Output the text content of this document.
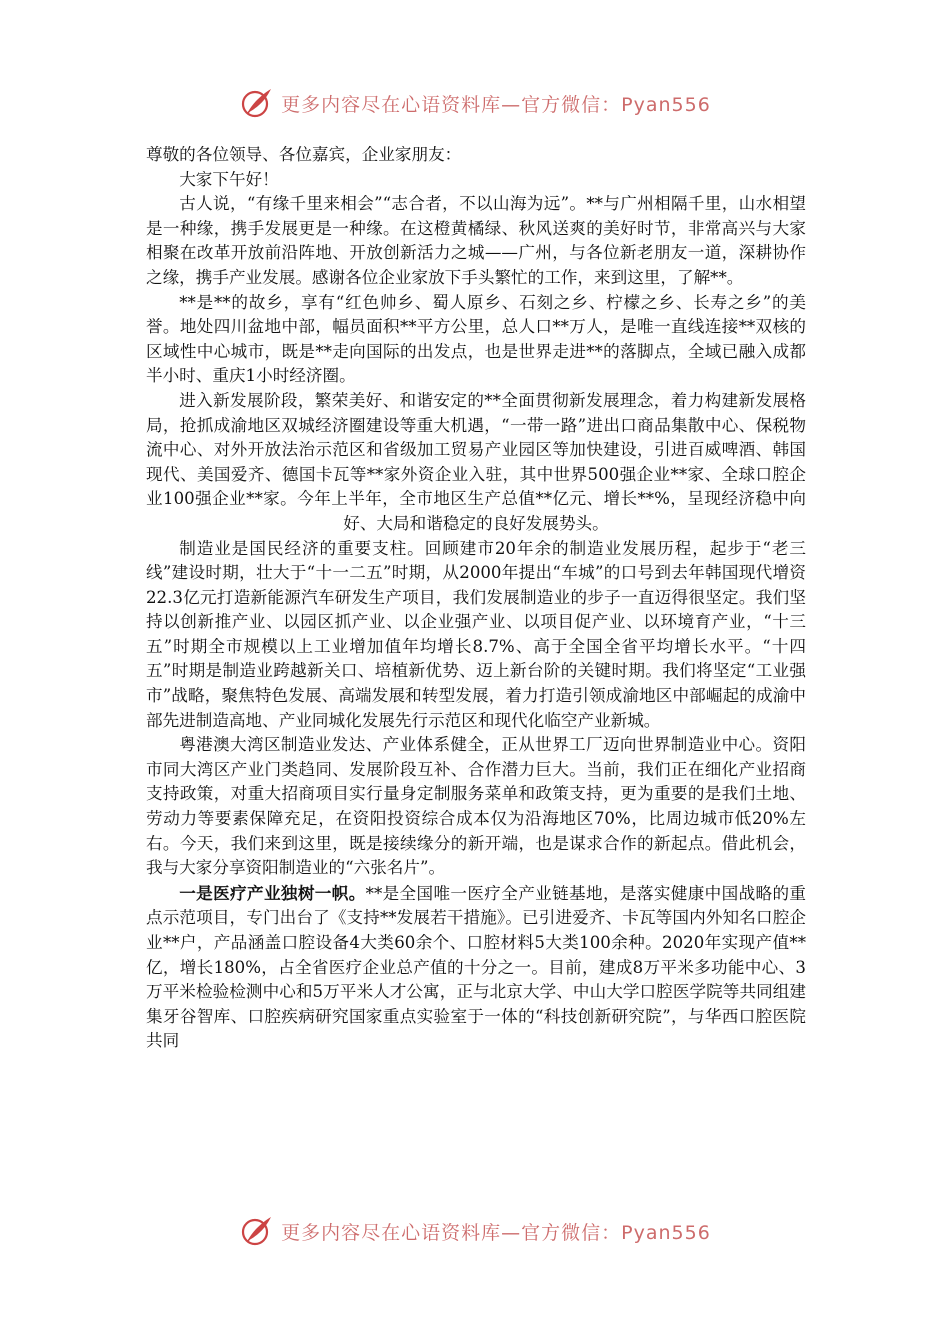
更多内容尽在心语资料库—官方微信：Pyan556

尊敬的各位领导、各位嘉宾，企业家朋友：

大家下午好！

古人说，“有缘千里来相会”“志合者，不以山海为远”。**与广州相隔千里，山水相望是一种缘，携手发展更是一种缘。在这橙黄橘绿、秋风送爽的美好时节，非常高兴与大家相聚在改革开放前沿阵地、开放创新活力之城——广州，与各位新老朋友一道，深耕协作之缘，携手产业发展。感谢各位企业家放下手头繁忙的工作，来到这里，了解**。

**是**的故乡，享有“红色帅乡、蜀人原乡、石刻之乡、柠檬之乡、长寿之乡”的美誉。地处四川盆地中部，幅员面积**平方公里，总人口**万人，是唯一直线连接**双核的区域性中心城市，既是**走向国际的出发点，也是世界走进**的落脚点，全域已融入成都半小时、重庆1小时经济圈。

进入新发展阶段，繁荣美好、和谐安定的**全面贯彻新发展理念，着力构建新发展格局，抢抓成渝地区双城经济圈建设等重大机遇，“一带一路”进出口商品集散中心、保税物流中心、对外开放法治示范区和省级加工贸易产业园区等加快建设，引进百威啤酒、韩国现代、美国爱齐、德国卡瓦等**家外资企业入驻，其中世界500强企业**家、全球口腔企业100强企业**家。今年上半年，全市地区生产总值**亿元、增长**%，呈现经济稳中向好、大局和谐稳定的良好发展势头。

制造业是国民经济的重要支柱。回顾建市20年余的制造业发展历程，起步于“老三线”建设时期，壮大于“十一二五”时期，从2000年提出“车城”的口号到去年韩国现代增资22.3亿元打造新能源汽车研发生产项目，我们发展制造业的步子一直迈得很坚定。我们坚持以创新推产业、以园区抓产业、以企业强产业、以项目促产业、以环境育产业，“十三五”时期全市规模以上工业增加值年均增长8.7%、高于全国全省平均增长水平。“十四五”时期是制造业跨越新关口、培植新优势、迈上新台阶的关键时期。我们将坚定“工业强市”战略，聚焦特色发展、高端发展和转型发展，着力打造引领成渝地区中部崛起的成渝中部先进制造高地、产业同城化发展先行示范区和现代化临空产业新城。

粤港澳大湾区制造业发达、产业体系健全，正从世界工厂迈向世界制造业中心。资阳市同大湾区产业门类趋同、发展阶段互补、合作潜力巨大。当前，我们正在细化产业招商支持政策，对重大招商项目实行量身定制服务菜单和政策支持，更为重要的是我们土地、劳动力等要素保障充足，在资阳投资综合成本仅为沿海地区70%，比周边城市低20%左右。今天，我们来到这里，既是接续缘分的新开端，也是谋求合作的新起点。借此机会，我与大家分享资阳制造业的“六张名片”。

一是医疗产业独树一帜。**是全国唯一医疗全产业链基地，是落实健康中国战略的重点示范项目，专门出台了《支持**发展若干措施》。已引进爱齐、卡瓦等国内外知名口腔企业**户，产品涵盖口腔设备4大类60余个、口腔材料5大类100余种。2020年实现产值**亿，增长180%，占全省医疗企业总产值的十分之一。目前，建成8万平米多功能中心、3万平米检验检测中心和5万平米人才公寓，正与北京大学、中山大学口腔医学院等共同组建集牙谷智库、口腔疾病研究国家重点实验室于一体的“科技创新研究院”，与华西口腔医院共同

更多内容尽在心语资料库—官方微信：Pyan556
